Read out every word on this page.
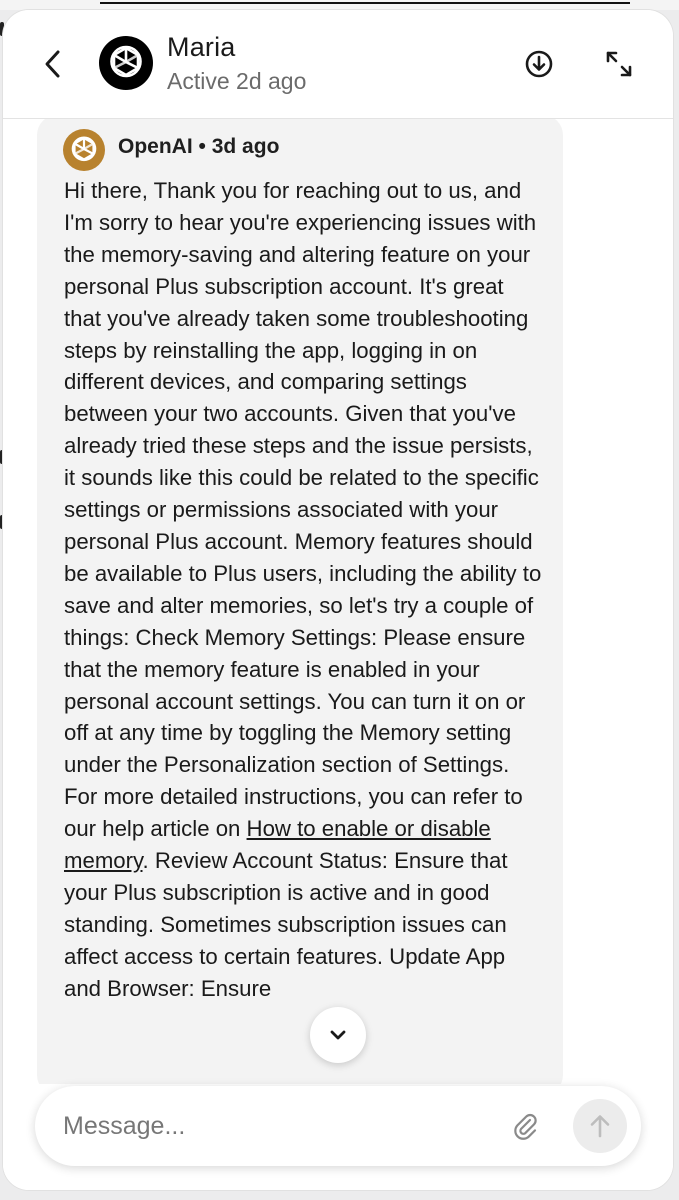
Maria
Active 2d ago
OpenAI • 3d ago

Hi there, Thank you for reaching out to us, and I'm sorry to hear you're experiencing issues with the memory-saving and altering feature on your personal Plus subscription account. It's great that you've already taken some troubleshooting steps by reinstalling the app, logging in on different devices, and comparing settings between your two accounts. Given that you've already tried these steps and the issue persists, it sounds like this could be related to the specific settings or permissions associated with your personal Plus account. Memory features should be available to Plus users, including the ability to save and alter memories, so let's try a couple of things: Check Memory Settings: Please ensure that the memory feature is enabled in your personal account settings. You can turn it on or off at any time by toggling the Memory setting under the Personalization section of Settings. For more detailed instructions, you can refer to our help article on How to enable or disable memory. Review Account Status: Ensure that your Plus subscription is active and in good standing. Sometimes subscription issues can affect access to certain features. Update App and Browser: Ensure

Message...
